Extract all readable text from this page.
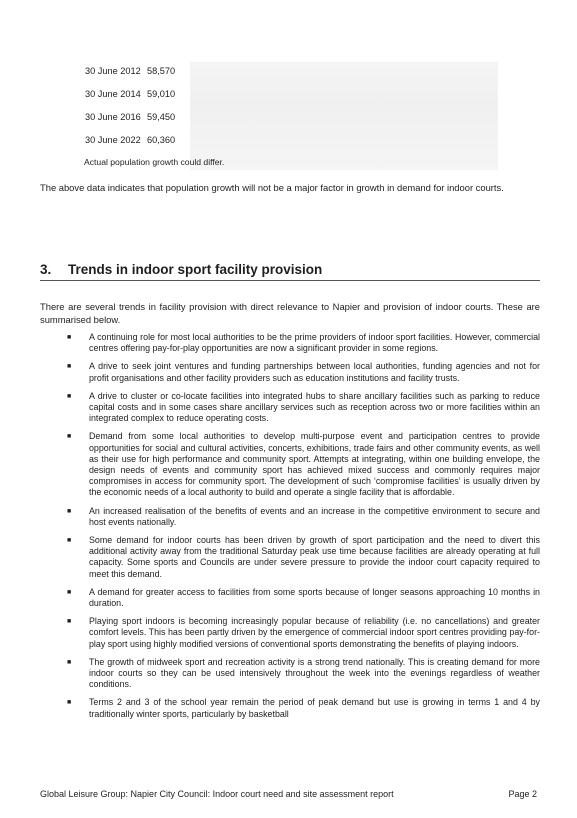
30 June 2012 58,570
30 June 2014 59,010
30 June 2016 59,450
30 June 2022 60,360
Actual population growth could differ.

The above data indicates that population growth will not be a major factor in growth in demand for indoor courts.

3. Trends in indoor sport facility provision

There are several trends in facility provision with direct relevance to Napier and provision of indoor courts. These are summarised below.

■ A continuing role for most local authorities to be the prime providers of indoor sport facilities. However, commercial centres offering pay-for-play opportunities are now a significant provider in some regions.
■ A drive to seek joint ventures and funding partnerships between local authorities, funding agencies and not for profit organisations and other facility providers such as education institutions and facility trusts.
■ A drive to cluster or co-locate facilities into integrated hubs to share ancillary facilities such as parking to reduce capital costs and in some cases share ancillary services such as reception across two or more facilities within an integrated complex to reduce operating costs.
■ Demand from some local authorities to develop multi-purpose event and participation centres to provide opportunities for social and cultural activities, concerts, exhibitions, trade fairs and other community events, as well as their use for high performance and community sport. Attempts at integrating, within one building envelope, the design needs of events and community sport has achieved mixed success and commonly requires major compromises in access for community sport. The development of such ‘compromise facilities’ is usually driven by the economic needs of a local authority to build and operate a single facility that is affordable.
■ An increased realisation of the benefits of events and an increase in the competitive environment to secure and host events nationally.
■ Some demand for indoor courts has been driven by growth of sport participation and the need to divert this additional activity away from the traditional Saturday peak use time because facilities are already operating at full capacity. Some sports and Councils are under severe pressure to provide the indoor court capacity required to meet this demand.
■ A demand for greater access to facilities from some sports because of longer seasons approaching 10 months in duration.
■ Playing sport indoors is becoming increasingly popular because of reliability (i.e. no cancellations) and greater comfort levels. This has been partly driven by the emergence of commercial indoor sport centres providing pay-for-play sport using highly modified versions of conventional sports demonstrating the benefits of playing indoors.
■ The growth of midweek sport and recreation activity is a strong trend nationally. This is creating demand for more indoor courts so they can be used intensively throughout the week into the evenings regardless of weather conditions.
■ Terms 2 and 3 of the school year remain the period of peak demand but use is growing in terms 1 and 4 by traditionally winter sports, particularly by basketball
Global Leisure Group: Napier City Council: Indoor court need and site assessment report	Page 2
